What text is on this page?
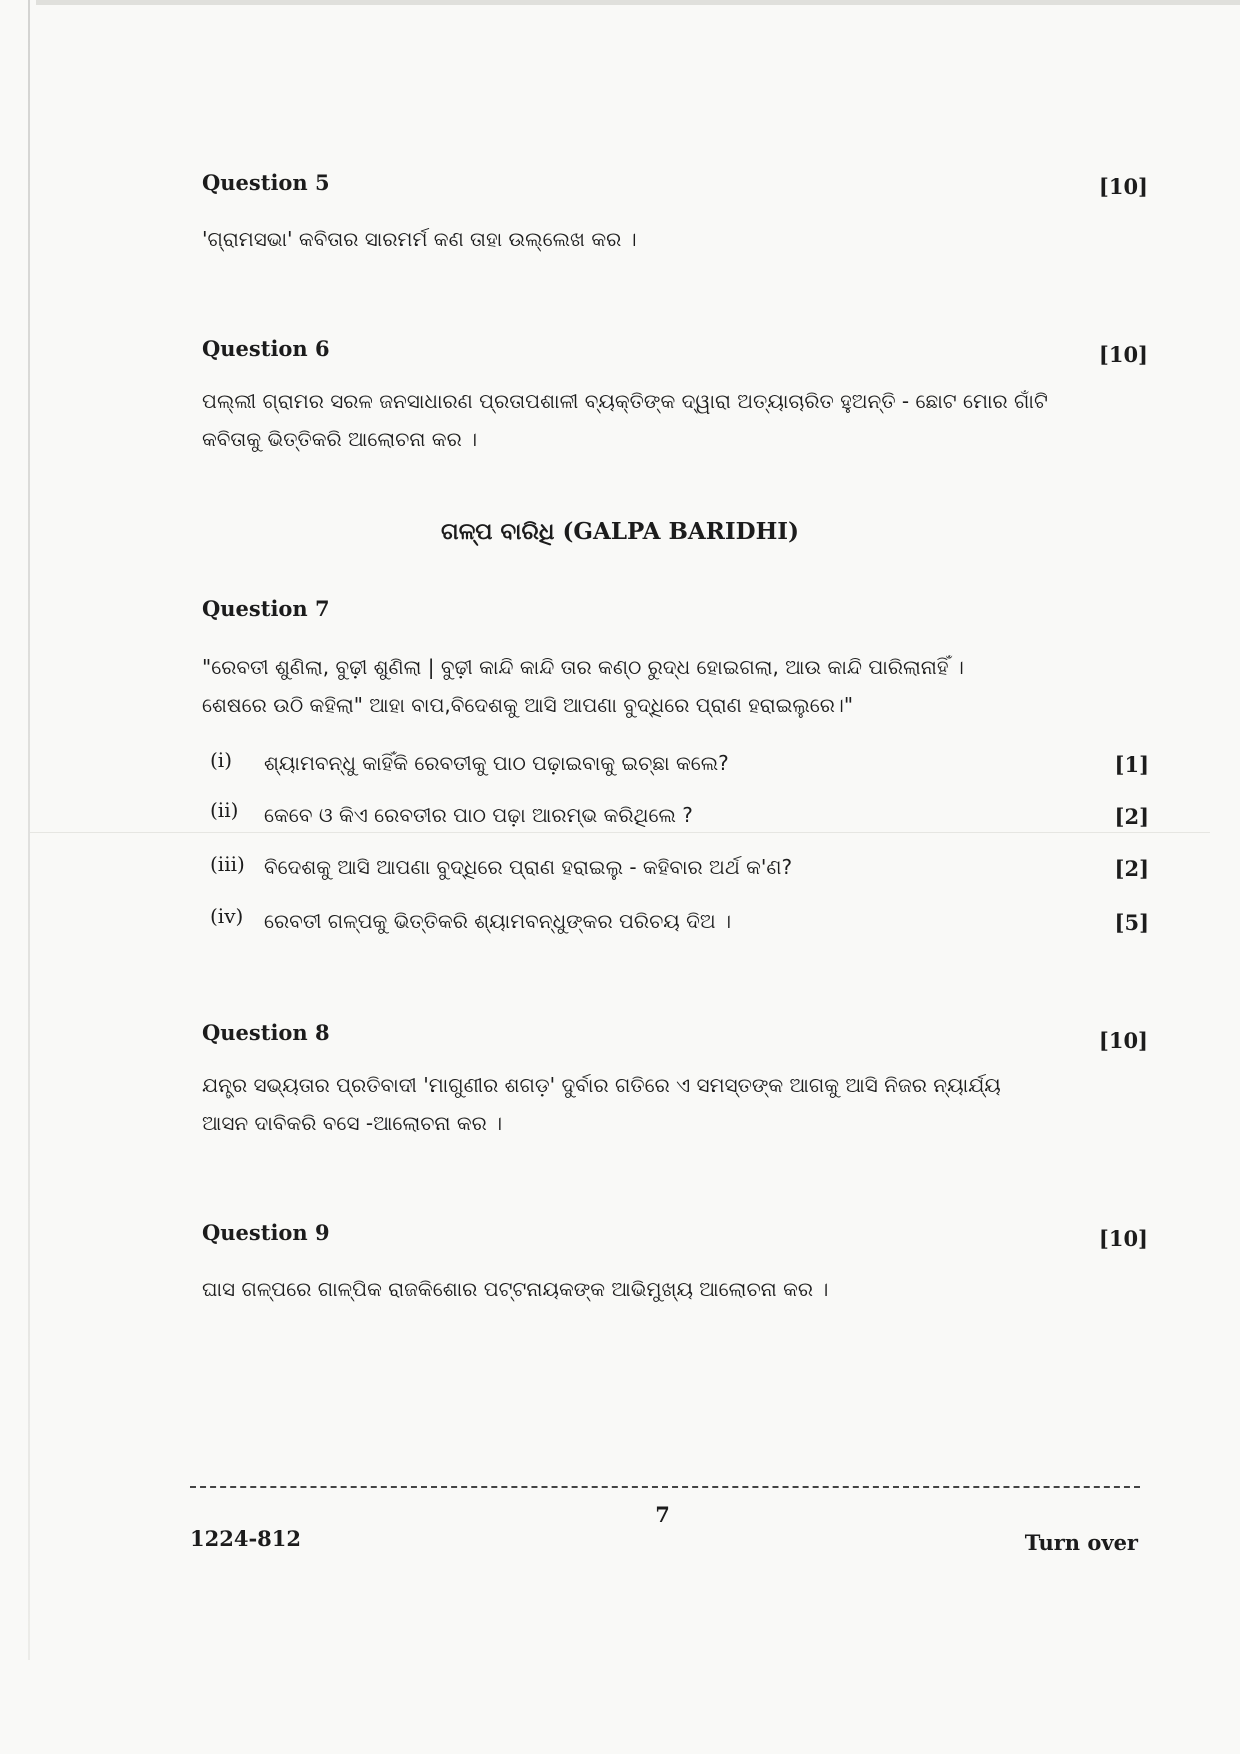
Question 5	[10]
'ଗ୍ରାମସଭା' କବିତାର ସାରମର୍ମ କଣ ତାହା ଉଲ୍ଲେଖ କର ।
Question 6	[10]
ପଲ୍ଲୀ ଗ୍ରାମର ସରଳ ଜନସାଧାରଣ ପ୍ରତାପଶାଳୀ ବ୍ୟକ୍ତିଙ୍କ ଦ୍ୱାରା ଅତ୍ୟାଚାରିତ ହୁଅନ୍ତି - ଛୋଟ ମୋର ଗାଁଟି
କବିତାକୁ ଭିତ୍ତିକରି ଆଲୋଚନା କର ।
ଗଳ୍ପ ବାରିଧି (GALPA BARIDHI)
Question 7
"ରେବତୀ ଶୁଣିଲା, ବୁଢ଼ୀ ଶୁଣିଲା | ବୁଢ଼ୀ କାନ୍ଦି କାନ୍ଦି ତାର କଣ୍ଠ ରୁଦ୍ଧ ହୋଇଗଲା, ଆଉ କାନ୍ଦି ପାରିଲାନାହିଁ ।
ଶେଷରେ ଉଠି କହିଲା" ଆହା ବାପ,ବିଦେଶକୁ ଆସି ଆପଣା ବୁଦ୍ଧିରେ ପ୍ରାଣ ହରାଇଲୁରେ।"
(i) ଶ୍ୟାମବନ୍ଧୁ କାହିଁକି ରେବତୀକୁ ପାଠ ପଢ଼ାଇବାକୁ ଇଚ୍ଛା କଲେ?	[1]
(ii) କେବେ ଓ କିଏ ରେବତୀର ପାଠ ପଢ଼ା ଆରମ୍ଭ କରିଥିଲେ ?	[2]
(iii) ବିଦେଶକୁ ଆସି ଆପଣା ବୁଦ୍ଧିରେ ପ୍ରାଣ ହରାଇଲୁ - କହିବାର ଅର୍ଥ କ'ଣ?	[2]
(iv) ରେବତୀ ଗଳ୍ପକୁ ଭିତ୍ତିକରି ଶ୍ୟାମବନ୍ଧୁଙ୍କର ପରିଚୟ ଦିଅ ।	[5]
Question 8	[10]
ଯନ୍ତ୍ର ସଭ୍ୟତାର ପ୍ରତିବାଦୀ 'ମାଗୁଣୀର ଶଗଡ଼' ଦୁର୍ବାର ଗତିରେ ଏ ସମସ୍ତଙ୍କ ଆଗକୁ ଆସି ନିଜର ନ୍ୟାର୍ଯ୍ୟ
ଆସନ ଦାବିକରି ବସେ -ଆଲୋଚନା କର ।
Question 9	[10]
ଘାସ ଗଳ୍ପରେ ଗାଳ୍ପିକ ରାଜକିଶୋର ପଟ୍ଟନାୟକଙ୍କ ଆଭିମୁଖ୍ୟ ଆଲୋଚନା କର ।
7
1224-812	Turn over
